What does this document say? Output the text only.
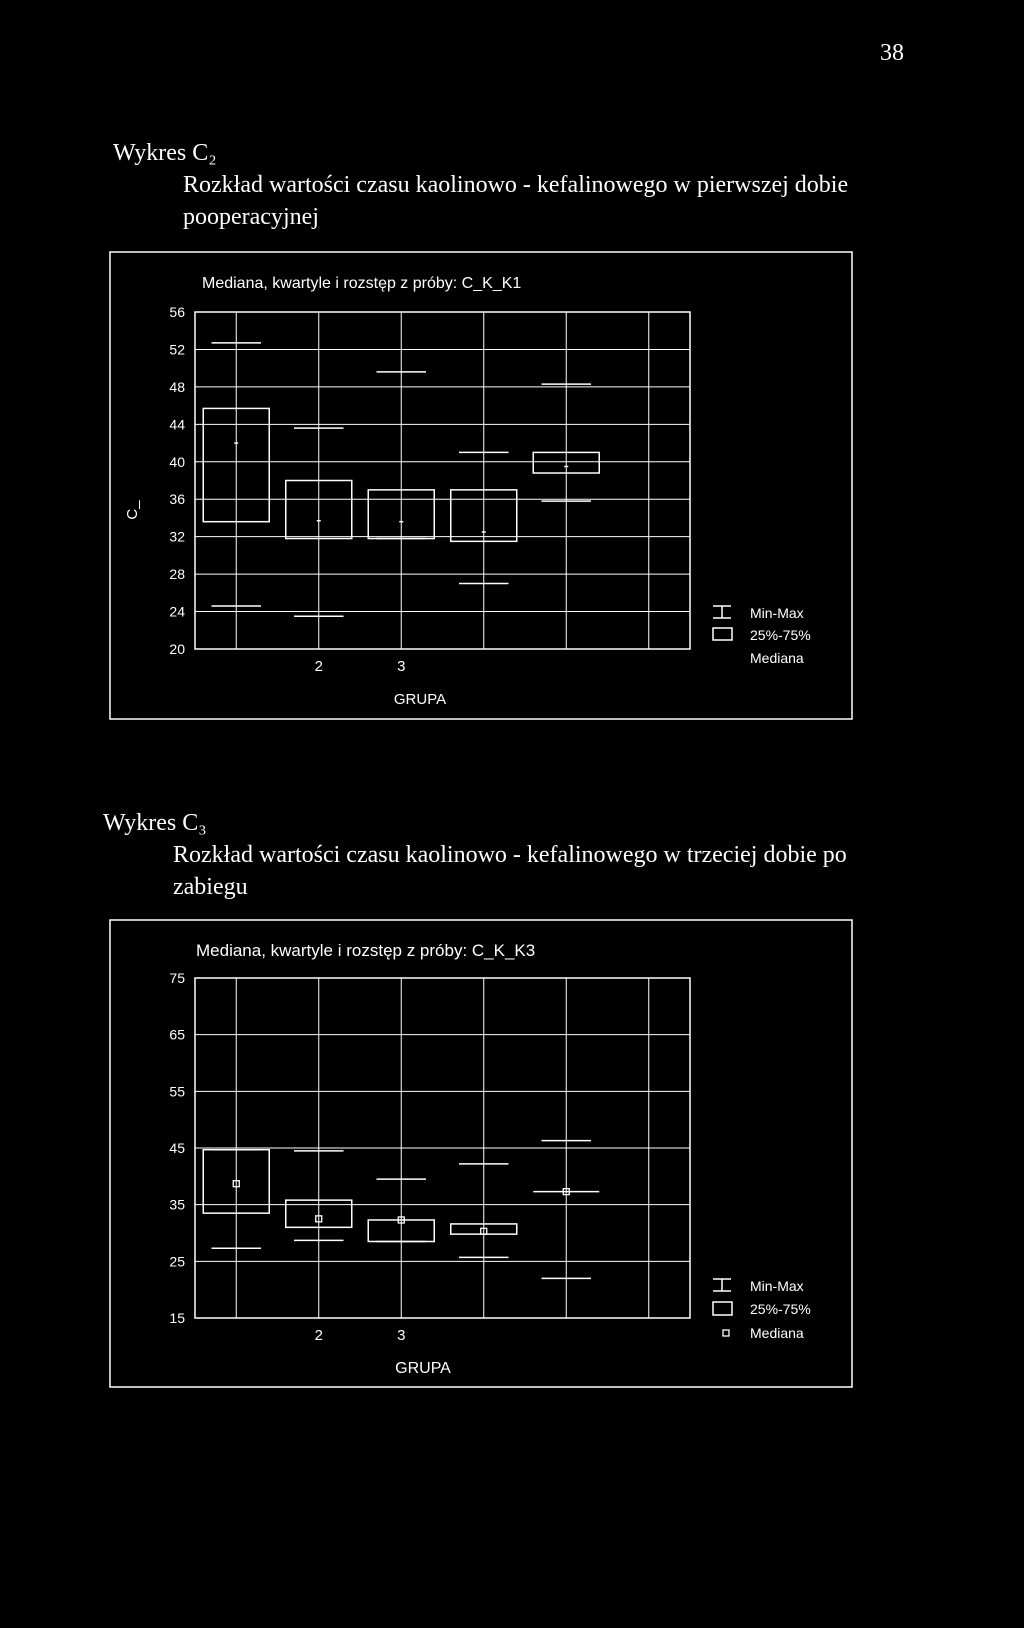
38
Wykres C₂
Rozkład wartości czasu kaolinowo - kefalinowego w pierwszej dobie pooperacyjnej
Wykres C₃
Rozkład wartości czasu kaolinowo - kefalinowego w trzeciej dobie po zabiegu
Mediana, kwartyle i rozstęp z próby: C_K_K1
C_
GRUPA
20
24
28
32
36
40
44
48
52
56
2	3
Min-Max
25%-75%
Mediana
Mediana, kwartyle i rozstęp z próby: C_K_K3
GRUPA
15
25
35
45
55
65
75
2	3
Min-Max
25%-75%
Mediana
